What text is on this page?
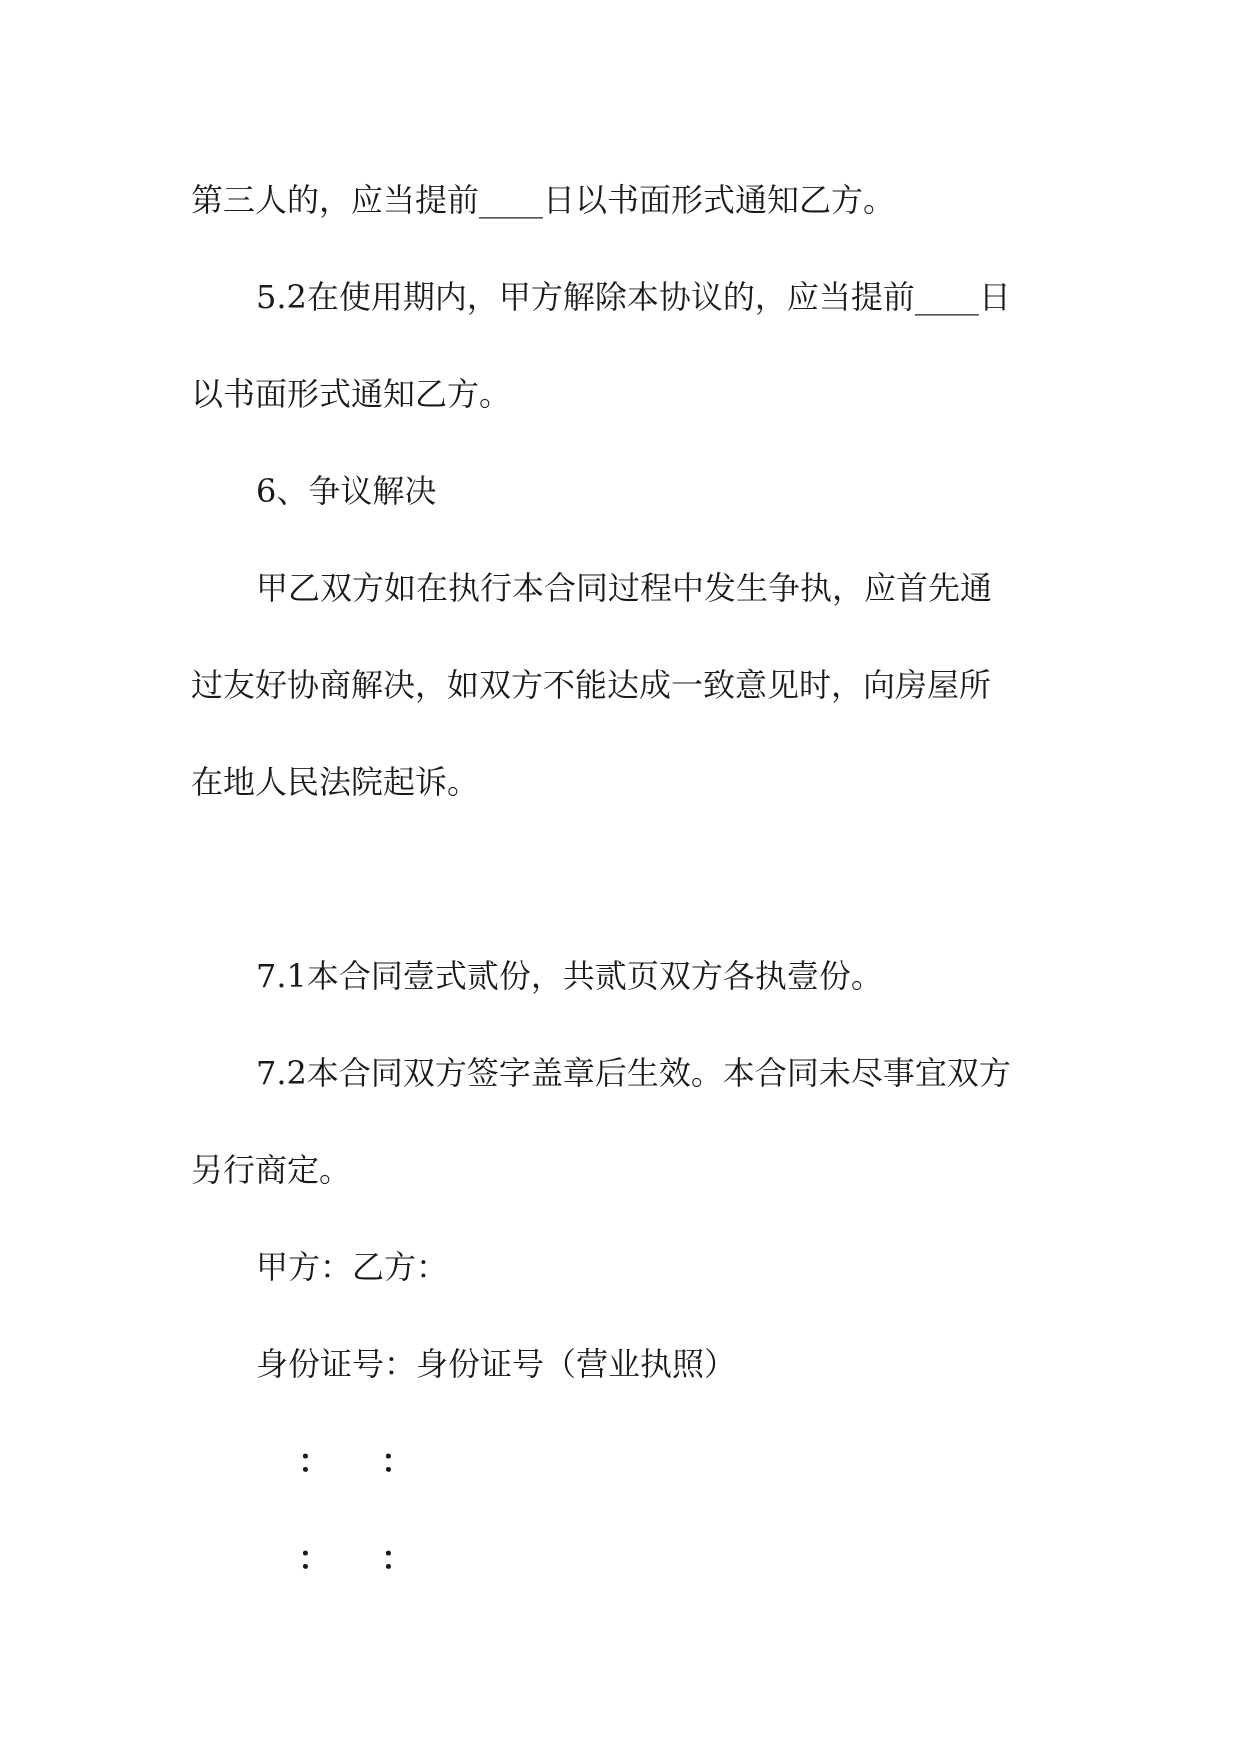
第三人的，应当提前____日以书面形式通知乙方。

5.2在使用期内，甲方解除本协议的，应当提前____日

以书面形式通知乙方。

6、争议解决

甲乙双方如在执行本合同过程中发生争执，应首先通

过友好协商解决，如双方不能达成一致意见时，向房屋所

在地人民法院起诉。

7.1本合同壹式贰份，共贰页双方各执壹份。

7.2本合同双方签字盖章后生效。本合同未尽事宜双方

另行商定。

甲方：乙方：

身份证号：身份证号（营业执照）

： ：
： ：
